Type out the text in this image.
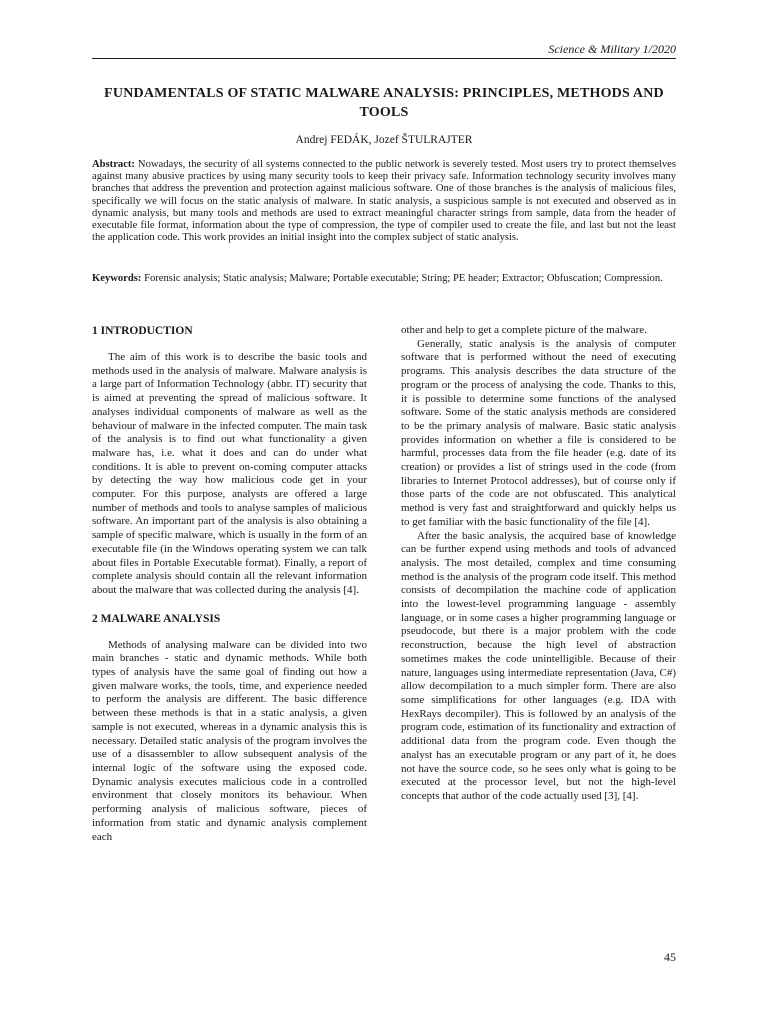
Science & Military 1/2020
FUNDAMENTALS OF STATIC MALWARE ANALYSIS: PRINCIPLES, METHODS AND TOOLS
Andrej FEDÁK, Jozef ŠTULRAJTER
Abstract: Nowadays, the security of all systems connected to the public network is severely tested. Most users try to protect themselves against many abusive practices by using many security tools to keep their privacy safe. Information technology security involves many branches that address the prevention and protection against malicious software. One of those branches is the analysis of malicious files, specifically we will focus on the static analysis of malware. In static analysis, a suspicious sample is not executed and observed as in dynamic analysis, but many tools and methods are used to extract meaningful character strings from sample, data from the header of executable file format, information about the type of compression, the type of compiler used to create the file, and last but not the least the application code. This work provides an initial insight into the complex subject of static analysis.
Keywords: Forensic analysis; Static analysis; Malware; Portable executable; String; PE header; Extractor; Obfuscation; Compression.
1 INTRODUCTION

The aim of this work is to describe the basic tools and methods used in the analysis of malware. Malware analysis is a large part of Information Technology (abbr. IT) security that is aimed at preventing the spread of malicious software. It analyses individual components of malware as well as the behaviour of malware in the infected computer. The main task of the analysis is to find out what functionality a given malware has, i.e. what it does and can do under what conditions. It is able to prevent on-coming computer attacks by detecting the way how malicious code get in your computer. For this purpose, analysts are offered a large number of methods and tools to analyse samples of malicious software. An important part of the analysis is also obtaining a sample of specific malware, which is usually in the form of an executable file (in the Windows operating system we can talk about files in Portable Executable format). Finally, a report of complete analysis should contain all the relevant information about the malware that was collected during the analysis [4].

2 MALWARE ANALYSIS

Methods of analysing malware can be divided into two main branches - static and dynamic methods. While both types of analysis have the same goal of finding out how a given malware works, the tools, time, and experience needed to perform the analysis are different. The basic difference between these methods is that in a static analysis, a given sample is not executed, whereas in a dynamic analysis this is necessary. Detailed static analysis of the program involves the use of a disassembler to allow subsequent analysis of the internal logic of the software using the exposed code. Dynamic analysis executes malicious code in a controlled environment that closely monitors its behaviour. When performing analysis of malicious software, pieces of information from static and dynamic analysis complement each

other and help to get a complete picture of the malware.

Generally, static analysis is the analysis of computer software that is performed without the need of executing programs. This analysis describes the data structure of the program or the process of analysing the code. Thanks to this, it is possible to determine some functions of the analysed software. Some of the static analysis methods are considered to be the primary analysis of malware. Basic static analysis provides information on whether a file is considered to be harmful, processes data from the file header (e.g. date of its creation) or provides a list of strings used in the code (from libraries to Internet Protocol addresses), but of course only if those parts of the code are not obfuscated. This analytical method is very fast and straightforward and quickly helps us to get familiar with the basic functionality of the file [4].

After the basic analysis, the acquired base of knowledge can be further expend using methods and tools of advanced analysis. The most detailed, complex and time consuming method is the analysis of the program code itself. This method consists of decompilation the machine code of application into the lowest-level programming language - assembly language, or in some cases a higher programming language or pseudocode, but there is a major problem with the code reconstruction, because the high level of abstraction sometimes makes the code unintelligible. Because of their nature, languages using intermediate representation (Java, C#) allow decompilation to a much simpler form. There are also some simplifications for other languages (e.g. IDA with HexRays decompiler). This is followed by an analysis of the program code, estimation of its functionality and extraction of additional data from the program code. Even though the analyst has an executable program or any part of it, he does not have the source code, so he sees only what is going to be executed at the processor level, but not the high-level concepts that author of the code actually used [3], [4].

45
